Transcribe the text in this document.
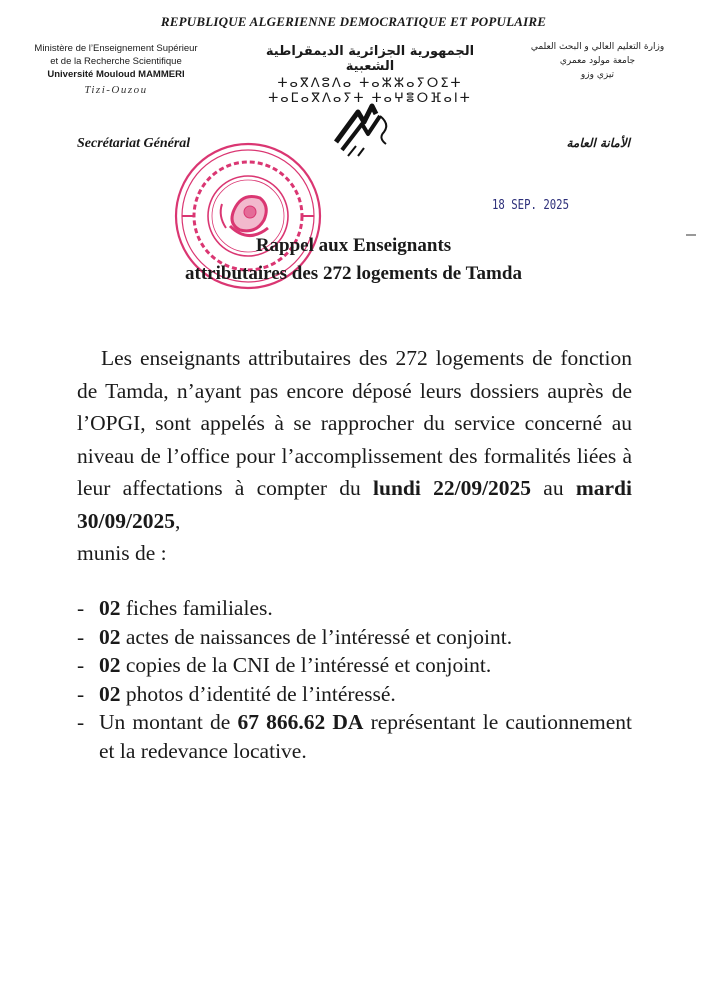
REPUBLIQUE ALGERIENNE DEMOCRATIQUE ET POPULAIRE
Ministère de l’Enseignement Supérieur
et de la Recherche Scientifique
Université Mouloud MAMMERI
Tizi-Ouzou
الجمهورية الجزائرية الديمقراطية الشعبية
ⵜⴰⴳⴷⵓⴷⴰ ⵜⴰⵣⵣⴰⵢⵔⵉⵜ ⵜⴰⵎⴰⴳⴷⴰⵢⵜ ⵜⴰⵖⴻⵔⴼⴰⵏⵜ
وزارة التعليم العالي و البحث العلمي
جامعة مولود معمري
تيزي وزو
Secrétariat Général	الأمانة العامة
18 SEP. 2025
Rappel aux Enseignants
attributaires des 272 logements de Tamda
Les enseignants attributaires des 272 logements de fonction de Tamda, n’ayant pas encore déposé leurs dossiers auprès de l’OPGI, sont appelés à se rapprocher du service concerné au niveau de l’office pour l’accomplissement des formalités liées à leur affectations à compter du lundi 22/09/2025 au mardi 30/09/2025,
munis de :
- 02 fiches familiales.
- 02 actes de naissances de l’intéressé et conjoint.
- 02 copies de la CNI de l’intéressé et conjoint.
- 02 photos d’identité de l’intéressé.
- Un montant de 67 866.62 DA représentant le cautionnement et la redevance locative.
